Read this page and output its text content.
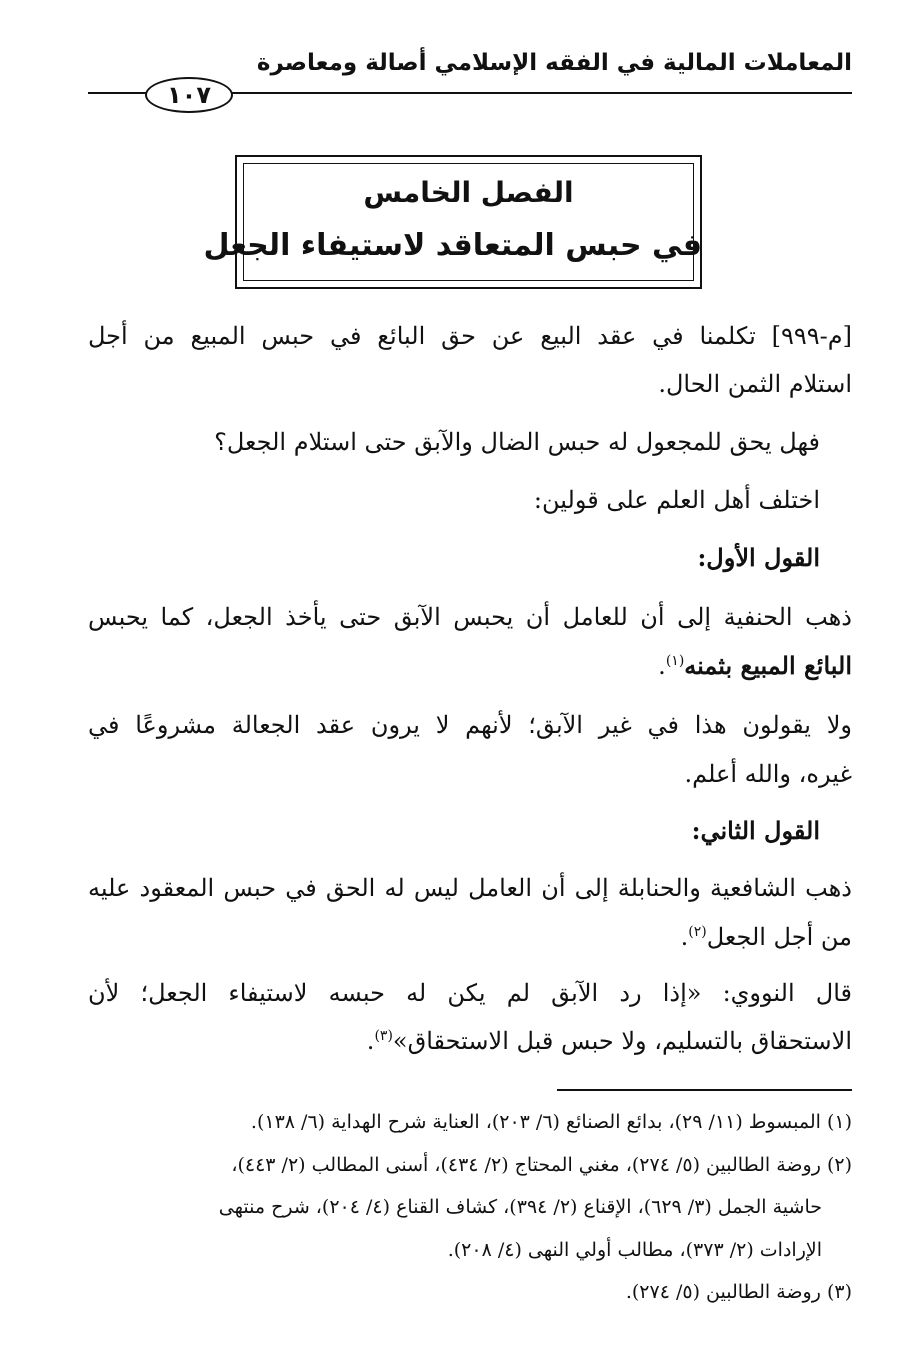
المعاملات المالية في الفقه الإسلامي أصالة ومعاصرة
١٠٧
الفصل الخامس
في حبس المتعاقد لاستيفاء الجعل
[م-٩٩٩] تكلمنا في عقد البيع عن حق البائع في حبس المبيع من أجل
استلام الثمن الحال.
فهل يحق للمجعول له حبس الضال والآبق حتى استلام الجعل؟
اختلف أهل العلم على قولين:
القول الأول:
ذهب الحنفية إلى أن للعامل أن يحبس الآبق حتى يأخذ الجعل، كما يحبس
البائع المبيع بثمنه$^{(١)}$.
ولا يقولون هذا في غير الآبق؛ لأنهم لا يرون عقد الجعالة مشروعًا في
غيره، والله أعلم.
القول الثاني:
ذهب الشافعية والحنابلة إلى أن العامل ليس له الحق في حبس المعقود عليه
من أجل الجعل$^{(٢)}$.
قال النووي: «إذا رد الآبق لم يكن له حبسه لاستيفاء الجعل؛ لأن
الاستحقاق بالتسليم، ولا حبس قبل الاستحقاق»$^{(٣)}$.
(١) المبسوط (١١/ ٢٩)، بدائع الصنائع (٦/ ٢٠٣)، العناية شرح الهداية (٦/ ١٣٨).
(٢) روضة الطالبين (٥/ ٢٧٤)، مغني المحتاج (٢/ ٤٣٤)، أسنى المطالب (٢/ ٤٤٣)،
حاشية الجمل (٣/ ٦٢٩)، الإقناع (٢/ ٣٩٤)، كشاف القناع (٤/ ٢٠٤)، شرح منتهى
الإرادات (٢/ ٣٧٣)، مطالب أولي النهى (٤/ ٢٠٨).
(٣) روضة الطالبين (٥/ ٢٧٤).
